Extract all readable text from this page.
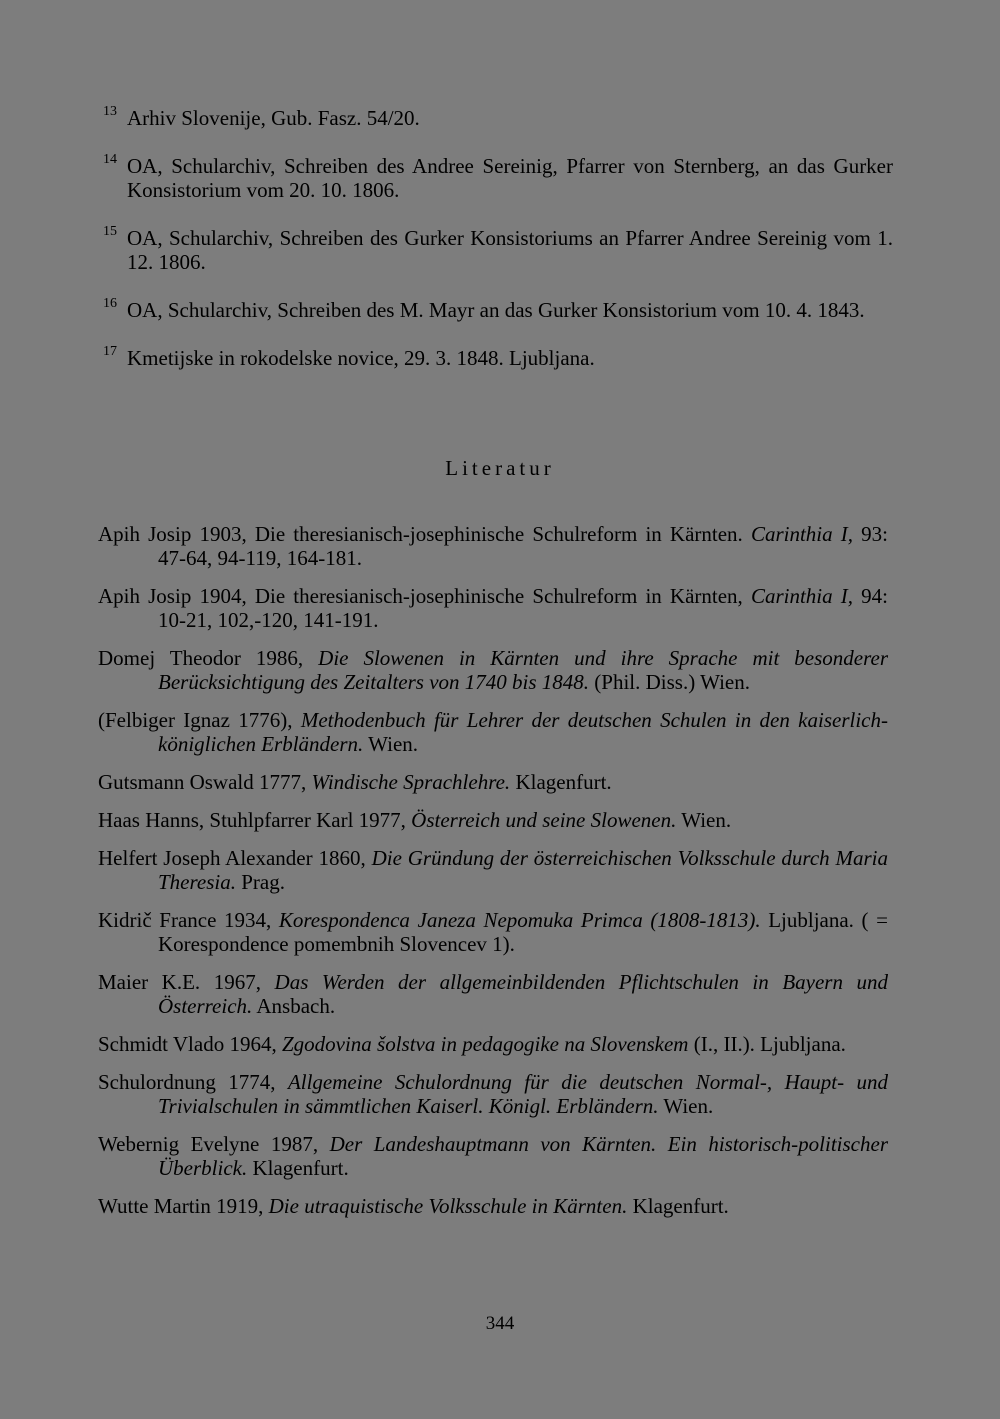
13 Arhiv Slovenije, Gub. Fasz. 54/20.
14 OA, Schularchiv, Schreiben des Andree Sereinig, Pfarrer von Sternberg, an das Gurker Konsistorium vom 20. 10. 1806.
15 OA, Schularchiv, Schreiben des Gurker Konsistoriums an Pfarrer Andree Sereinig vom 1. 12. 1806.
16 OA, Schularchiv, Schreiben des M. Mayr an das Gurker Konsistorium vom 10. 4. 1843.
17 Kmetijske in rokodelske novice, 29. 3. 1848. Ljubljana.
Literatur
Apih Josip 1903, Die theresianisch-josephinische Schulreform in Kärnten. Carinthia I, 93: 47-64, 94-119, 164-181.
Apih Josip 1904, Die theresianisch-josephinische Schulreform in Kärnten, Carinthia I, 94: 10-21, 102,-120, 141-191.
Domej Theodor 1986, Die Slowenen in Kärnten und ihre Sprache mit besonderer Berücksichtigung des Zeitalters von 1740 bis 1848. (Phil. Diss.) Wien.
(Felbiger Ignaz 1776), Methodenbuch für Lehrer der deutschen Schulen in den kaiserlich-königlichen Erbländern. Wien.
Gutsmann Oswald 1777, Windische Sprachlehre. Klagenfurt.
Haas Hanns, Stuhlpfarrer Karl 1977, Österreich und seine Slowenen. Wien.
Helfert Joseph Alexander 1860, Die Gründung der österreichischen Volksschule durch Maria Theresia. Prag.
Kidrič France 1934, Korespondenca Janeza Nepomuka Primca (1808-1813). Ljubljana. ( = Korespondence pomembnih Slovencev 1).
Maier K.E. 1967, Das Werden der allgemeinbildenden Pflichtschulen in Bayern und Österreich. Ansbach.
Schmidt Vlado 1964, Zgodovina šolstva in pedagogike na Slovenskem (I., II.). Ljubljana.
Schulordnung 1774, Allgemeine Schulordnung für die deutschen Normal-, Haupt- und Trivialschulen in sämmtlichen Kaiserl. Königl. Erbländern. Wien.
Webernig Evelyne 1987, Der Landeshauptmann von Kärnten. Ein historisch-politischer Überblick. Klagenfurt.
Wutte Martin 1919, Die utraquistische Volksschule in Kärnten. Klagenfurt.
344
